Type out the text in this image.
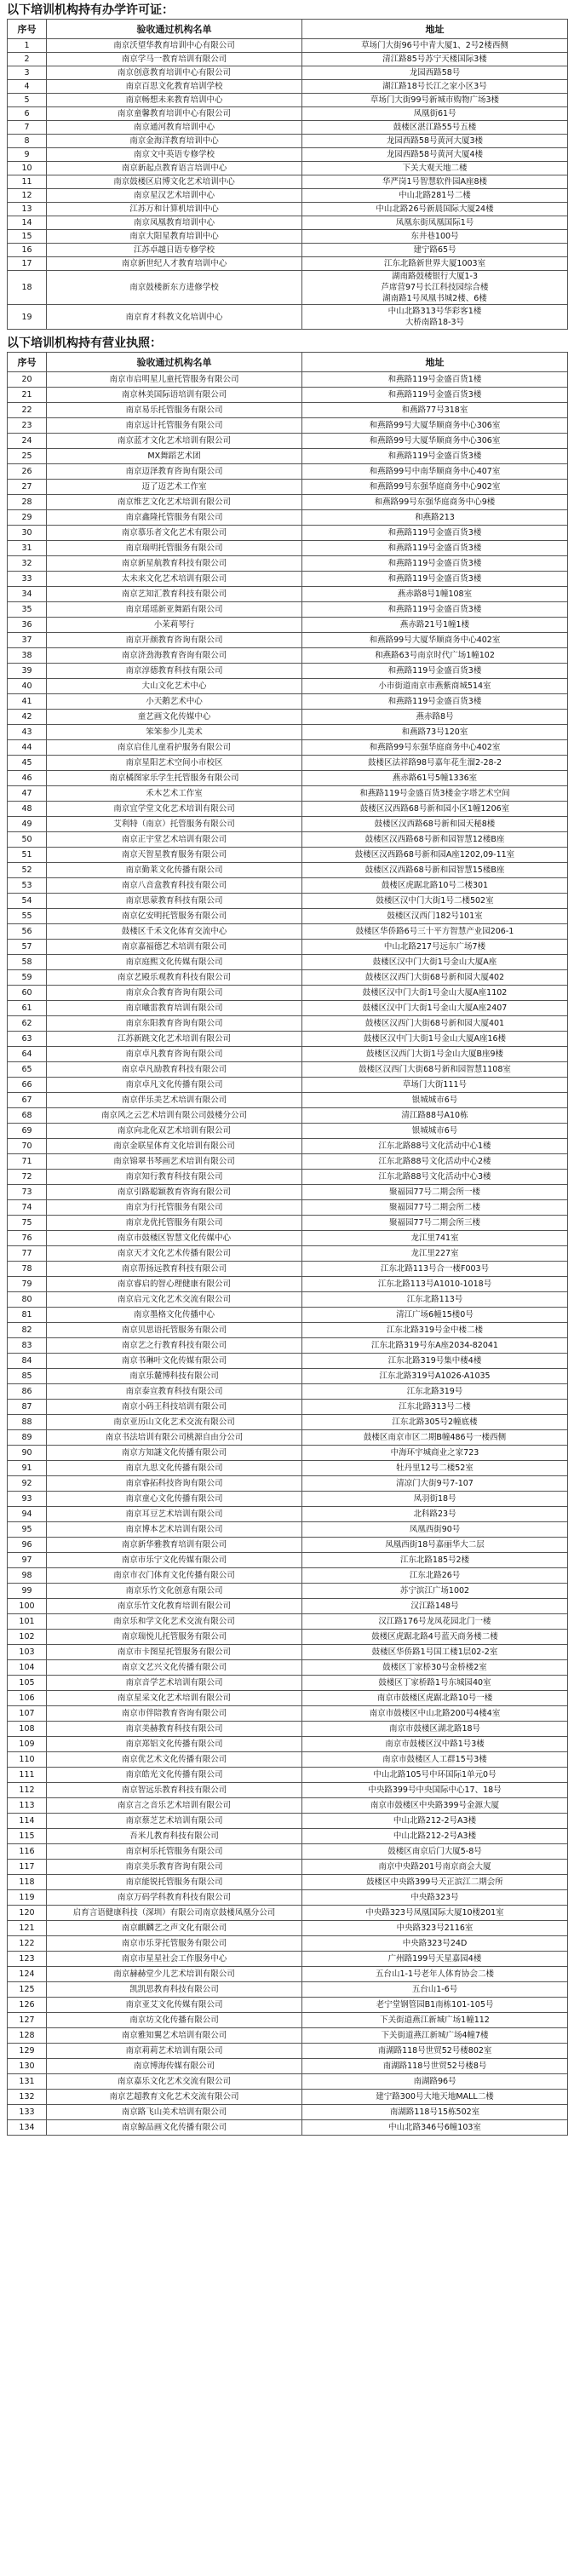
以下培训机构持有办学许可证：
序号	验收通过机构名单	地址
1	南京沃望华教育培训中心有限公司	草场门大街96号中青大厦1、2号2楼西侧

2	南京学马一教育培训有限公司	清江路85号苏宁天楼国际3楼

3	南京创意教育培训中心有限公司	龙园西路58号

4	南京百思文化教育培训学校	湖江路18号长江之家小区3号

5	南京畅想未来教育培训中心	草场门大街99号新城市购物广场3楼

6	南京童馨教育培训中心有限公司	凤凰街61号

7	南京通河教育培训中心	鼓楼区湛江路55号五楼

8	南京金海洋教育培训中心	龙园西路58号黄河大厦3楼

9	南京文中英语专修学校	龙园西路58号黄河大厦4楼

10	南京新起点教育语言培训中心	下关大观天地二楼

11	南京鼓楼区启博文化艺术培训中心	华严岗1号智慧软件园A座8楼

12	南京星汉艺术培训中心	中山北路281号二楼

13	江苏万和计算机培训中心	中山北路26号新晨国际大厦24楼

14	南京凤凰教育培训中心	凤凰东街凤凰国际1号

15	南京大阳星教育培训中心	东井巷100号

16	江苏卓越日语专修学校	建宁路65号

17	南京新世纪人才教育培训中心	江东北路新世界大厦1003室

18	南京鼓楼新东方进修学校	湖南路鼓楼银行大厦1-3
芦席营97号长江科技园综合楼
湖南路1号凤凰书城2楼、6楼

19	南京育才科教文化培训中心	中山北路313号华彩客1楼
大桥南路18-3号
以下培训机构持有营业执照：
序号	验收通过机构名单	地址
20	南京市启明星儿童托管服务有限公司	和燕路119号金盛百货1楼
21	南京林美国际语培训有限公司	和燕路119号金盛百货3楼
22	南京易乐托管服务有限公司	和燕路77号318室
23	南京远计托管服务有限公司	和燕路99号大厦华顺商务中心306室
24	南京蓝才文化艺术培训有限公司	和燕路99号大厦华顺商务中心306室
25	MX舞蹈艺术团	和燕路119号金盛百货3楼
26	南京迈泽教育咨询有限公司	和燕路99号中南华顺商务中心407室
27	迈了迈艺术工作室	和燕路99号东强华庭商务中心902室
28	南京维艺文化艺术培训有限公司	和燕路99号东强华庭商务中心9楼
29	南京鑫隆托管服务有限公司	和燕路213
30	南京慕乐者文化艺术有限公司	和燕路119号金盛百货3楼
31	南京瑞明托管服务有限公司	和燕路119号金盛百货3楼
32	南京新星航教育科技有限公司	和燕路119号金盛百货3楼
33	太未来文化艺术培训有限公司	和燕路119号金盛百货3楼
34	南京艺知汇教育科技有限公司	燕赤路8号1幢108室
35	南京瑶瑶新亚舞蹈有限公司	和燕路119号金盛百货3楼
36	小茉莉琴行	燕赤路21号1幢1楼
37	南京开颜教育咨询有限公司	和燕路99号大厦华顺商务中心402室
38	南京济劲海教育咨询有限公司	和燕路63号南京时代广场1幢102
39	南京淳德教育科技有限公司	和燕路119号金盛百货3楼
40	大山文化艺术中心	小市街道南京市燕紫商城514室
41	小天鹅艺术中心	和燕路119号金盛百货3楼
42	童艺画文化传媒中心	燕赤路8号
43	笨笨参少儿美术	和燕路73号120室
44	南京启佳儿童看护服务有限公司	和燕路99号东强华庭商务中心402室
45	南京星阳艺术空间小市校区	鼓楼区法祥路98号嘉年花生溜2-28-2
46	南京橘图家乐学生托管服务有限公司	燕赤路61号5幢1336室
47	禾木艺术工作室	和燕路119号金盛百货3楼金字塔艺术空间
48	南京宜学堂文化艺术培训有限公司	鼓楼区汉西路68号新和园小区1幢1206室
49	艾利特（南京）托管服务有限公司	鼓楼区汉西路68号新和园天秘8楼
50	南京正宇堂艺术培训有限公司	鼓楼区汉西路68号新和园智慧12楼B座
51	南京天智星教育服务有限公司	鼓楼区汉西路68号新和园A座1202,09-11室
52	南京勤莱文化传播有限公司	鼓楼区汉西路68号新和园智慧15楼B座
53	南京八音盒教育科技有限公司	鼓楼区虎踞北路10号二楼301
54	南京思蒙教育科技有限公司	鼓楼区汉中门大街1号二楼502室
55	南京亿安明托管服务有限公司	鼓楼区汉西门182号101室
56	鼓楼区千禾文化体育交流中心	鼓楼区华侨路6号三十平方智慧产业园206-1
57	南京嘉福德艺术培训有限公司	中山北路217号远东广场7楼
58	南京庭熙文化传媒有限公司	鼓楼区汉中门大街1号金山大厦A座
59	南京艺殿乐观教育科技有限公司	鼓楼区汉西门大街68号新和园大厦402
60	南京众合教育咨询有限公司	鼓楼区汉中门大街1号金山大厦A座1102
61	南京曦雷教育培训有限公司	鼓楼区汉中门大街1号金山大厦A座2407
62	南京东阳教育咨询有限公司	鼓楼区汉西门大街68号新和园大厦401
63	江苏新跳文化艺术培训有限公司	鼓楼区汉中门大街1号金山大厦A座16楼
64	南京卓凡教育咨询有限公司	鼓楼区汉西门大街1号金山大厦B座9楼
65	南京卓凡励教育科技有限公司	鼓楼区汉西门大街68号新和园智慧1108室
66	南京卓凡文化传播有限公司	草场门大街111号
67	南京伴乐美艺术培训有限公司	银城城市6号
68	南京风之云艺术培训有限公司鼓楼分公司	清江路88号A10栋
69	南京向北化双艺术培训有限公司	银城城市6号
70	南京金联星体育文化培训有限公司	江东北路88号文化活动中心1楼
71	南京锦翠书琴画艺术培训有限公司	江东北路88号文化活动中心2楼
72	南京知行教育科技有限公司	江东北路88号文化活动中心3楼
73	南京引路聪颖教育咨询有限公司	聚福园77号二期会所一楼
74	南京为行托管服务有限公司	聚福园77号二期会所二楼
75	南京龙优托管服务有限公司	聚福园77号二期会所三楼
76	南京市鼓楼区智慧文化传媒中心	龙江里741室
77	南京天才文化艺术传播有限公司	龙江里227室
78	南京帮扬远教育科技有限公司	江东北路113号合一楼F003号
79	南京睿启的智心理健康有限公司	江东北路113号A1010-1018号
80	南京启元文化艺术交流有限公司	江东北路113号
81	南京墨格文化传播中心	清江广场6幢15楼0号
82	南京贝思语托管服务有限公司	江东北路319号金中楼二楼
83	南京艺之行教育科技有限公司	江东北路319号东A座2034-82041
84	南京书琳叶文化传媒有限公司	江东北路319号集中楼4楼
85	南京乐麓博科技有限公司	江东北路319号A1026-A1035
86	南京泰宣教育科技有限公司	江东北路319号
87	南京小码王科技培训有限公司	江东北路313号二楼
88	南京亚历山文化艺术交流有限公司	江东北路305号2幢底楼
89	南京书法培训有限公司桃源自由分公司	鼓楼区南京市区二期B幢486号一楼西侧
90	南京方知謎文化传播有限公司	中海环宇城商业之家723
91	南京九思文化传播有限公司	牡丹里12号二楼52室
92	南京睿拓科技咨询有限公司	清凉门大街9号7-107
93	南京童心文化传播有限公司	凤羽街18号
94	南京耳豆艺术培训有限公司	北科路23号
95	南京博本艺术培训有限公司	凤凰西街90号
96	南京新华雅教育培训有限公司	凤凰西街18号嘉丽华大二层
97	南京市乐宁文化传媒有限公司	江东北路185号2楼
98	南京市衣门体育文化传播有限公司	江东北路26号
99	南京乐竹文化创意有限公司	苏宁滨江广场1002
100	南京乐竹文化教育培训有限公司	汉江路148号
101	南京乐和学文化艺术交流有限公司	汉江路176号龙凤花园北门一楼
102	南京瑞悦儿托管服务有限公司	鼓楼区虎踞北路4号蓝天商务楼二楼
103	南京市卡图星托管服务有限公司	鼓楼区华侨路1号国工楼1层02-2室
104	南京文艺兴文化传播有限公司	鼓楼区丁家桥30号金桥楼2室
105	南京音学艺术培训有限公司	鼓楼区丁家桥路1号东城园40室
106	南京星采文化艺术培训有限公司	南京市鼓楼区虎踞北路10号一楼
107	南京市伴陪教育咨询有限公司	南京市鼓楼区中山北路200号4楼4室
108	南京美赫教育科技有限公司	南京市鼓楼区湖北路18号
109	南京郑铝文化传播有限公司	南京市鼓楼区汉中路1号3楼
110	南京优艺术文化传播有限公司	南京市鼓楼区人工群15号3楼
111	南京皓光文化传播有限公司	中山北路105号中环国际1单元0号
112	南京智远乐教育科技有限公司	中央路399号中央国际中心17、18号
113	南京言之音乐艺术培训有限公司	南京市鼓楼区中央路399号金源大厦
114	南京蔡芝艺术培训有限公司	中山北路212-2号A3楼
115	吾米儿教育科技有限公司	中山北路212-2号A3楼
116	南京柯乐托管服务有限公司	鼓楼区南京后门大厦5-8号
117	南京美乐教育咨询有限公司	南京中央路201号南京商会大厦
118	南京能锐托管服务有限公司	鼓楼区中央路399号天正滨江二期会所
119	南京万码学科教育科技有限公司	中央路323号
120	启育言语健康科技（深圳）有限公司南京鼓楼凤凰分公司	中央路323号凤凰国际大厦10楼201室
121	南京麒麟艺之声文化有限公司	中央路323号2116室
122	南京市乐芽托管服务有限公司	中央路323号24D
123	南京市星星社会工作服务中心	广州路199号天星嘉园4楼
124	南京赫赫堂少儿艺术培训有限公司	五台山1-1号老年人体育协会二楼
125	凯凯思教育科技有限公司	五台山1-6号
126	南京亚艾文化传媒有限公司	老宁堂钢管园B1南栋101-105号
127	南京坊文化传播有限公司	下关街道燕江新城广场1幢112
128	南京雅知翼艺术培训有限公司	下关街道燕江新城广场4幢7楼
129	南京莉莉艺术培训有限公司	南湖路118号世贸52号楼802室
130	南京博海传媒有限公司	南湖路118号世贸52号楼8号
131	南京嘉乐文化艺术交流有限公司	南湖路96号
132	南京艺超教育文化艺术交流有限公司	建宁路300号大地天地MALL二楼
133	南京路飞山美术培训有限公司	南湖路118号15栋502室
134	南京鲸品画文化传播有限公司	中山北路346号6幢103室
